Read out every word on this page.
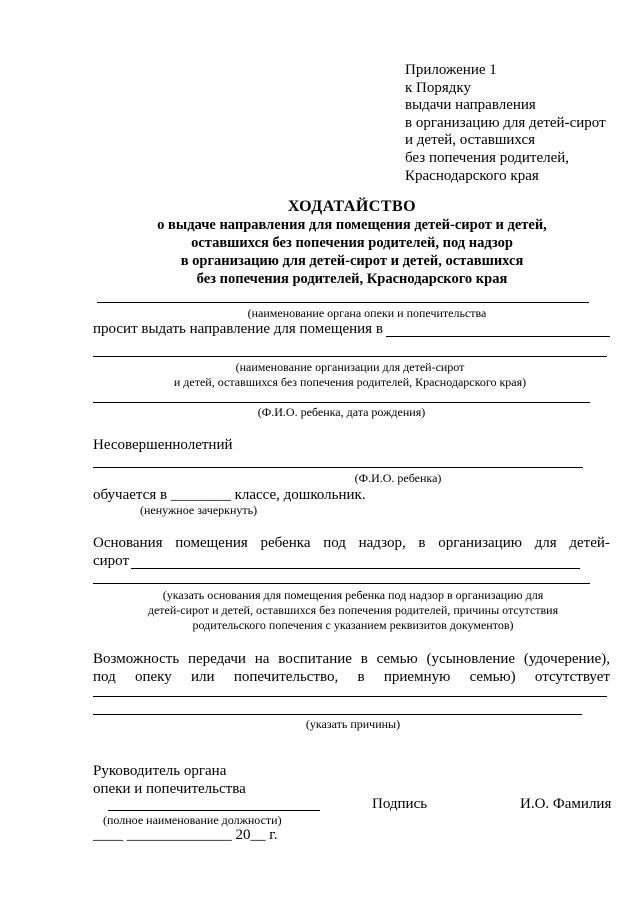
Приложение 1
к Порядку
выдачи направления
в организацию для детей-сирот
и детей, оставшихся
без попечения родителей,
Краснодарского края
ХОДАТАЙСТВО
о выдаче направления для помещения детей-сирот и детей,
оставшихся без попечения родителей, под надзор
в организацию для детей-сирот и детей, оставшихся
без попечения родителей, Краснодарского края
(наименование органа опеки и попечительства
просит выдать направление для помещения в
(наименование организации для детей-сирот
и детей, оставшихся без попечения родителей, Краснодарского края)
(Ф.И.О. ребенка, дата рождения)
Несовершеннолетний
(Ф.И.О. ребенка)
обучается в ________ классе, дошкольник.
(ненужное зачеркнуть)
Основания помещения ребенка под надзор, в организацию для детей-
сирот
(указать основания для помещения ребенка под надзор в организацию для
детей-сирот и детей, оставшихся без попечения родителей, причины отсутствия
родительского попечения с указанием реквизитов документов)
Возможность передачи на воспитание в семью (усыновление (удочерение),
под опеку или попечительство, в приемную семью) отсутствует
(указать причины)
Руководитель органа
опеки и попечительства
Подпись	И.О. Фамилия
(полное наименование должности)
____ ______________ 20__ г.
